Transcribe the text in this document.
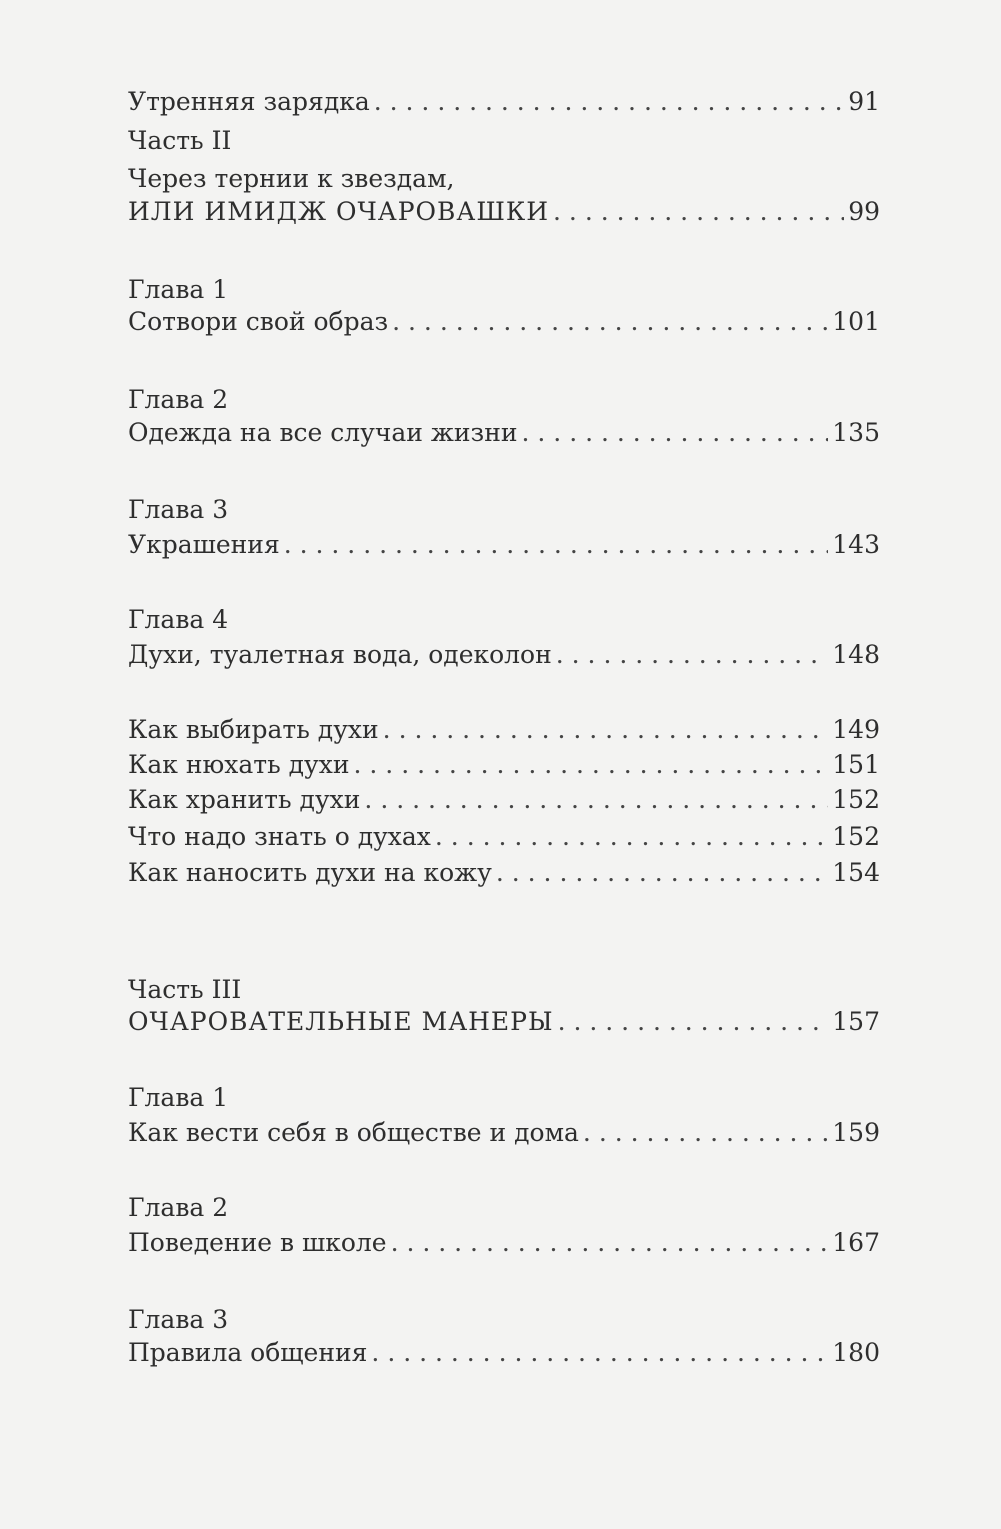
Утренняя зарядка . . .	91
Часть II
Через тернии к звездам,
ИЛИ ИМИДЖ ОЧАРОВАШКИ . . .	99
Глава 1
Сотвори свой образ . . .	101
Глава 2
Одежда на все случаи жизни . . .	135
Глава 3
Украшения . . .	143
Глава 4
Духи, туалетная вода, одеколон . . .	148
Как выбирать духи . . .	149
Как нюхать духи . . .	151
Как хранить духи . . .	152
Что надо знать о духах . . .	152
Как наносить духи на кожу . . .	154
Часть III
ОЧАРОВАТЕЛЬНЫЕ МАНЕРЫ . . .	157
Глава 1
Как вести себя в обществе и дома . . .	159
Глава 2
Поведение в школе . . .	167
Глава 3
Правила общения . . .	180
